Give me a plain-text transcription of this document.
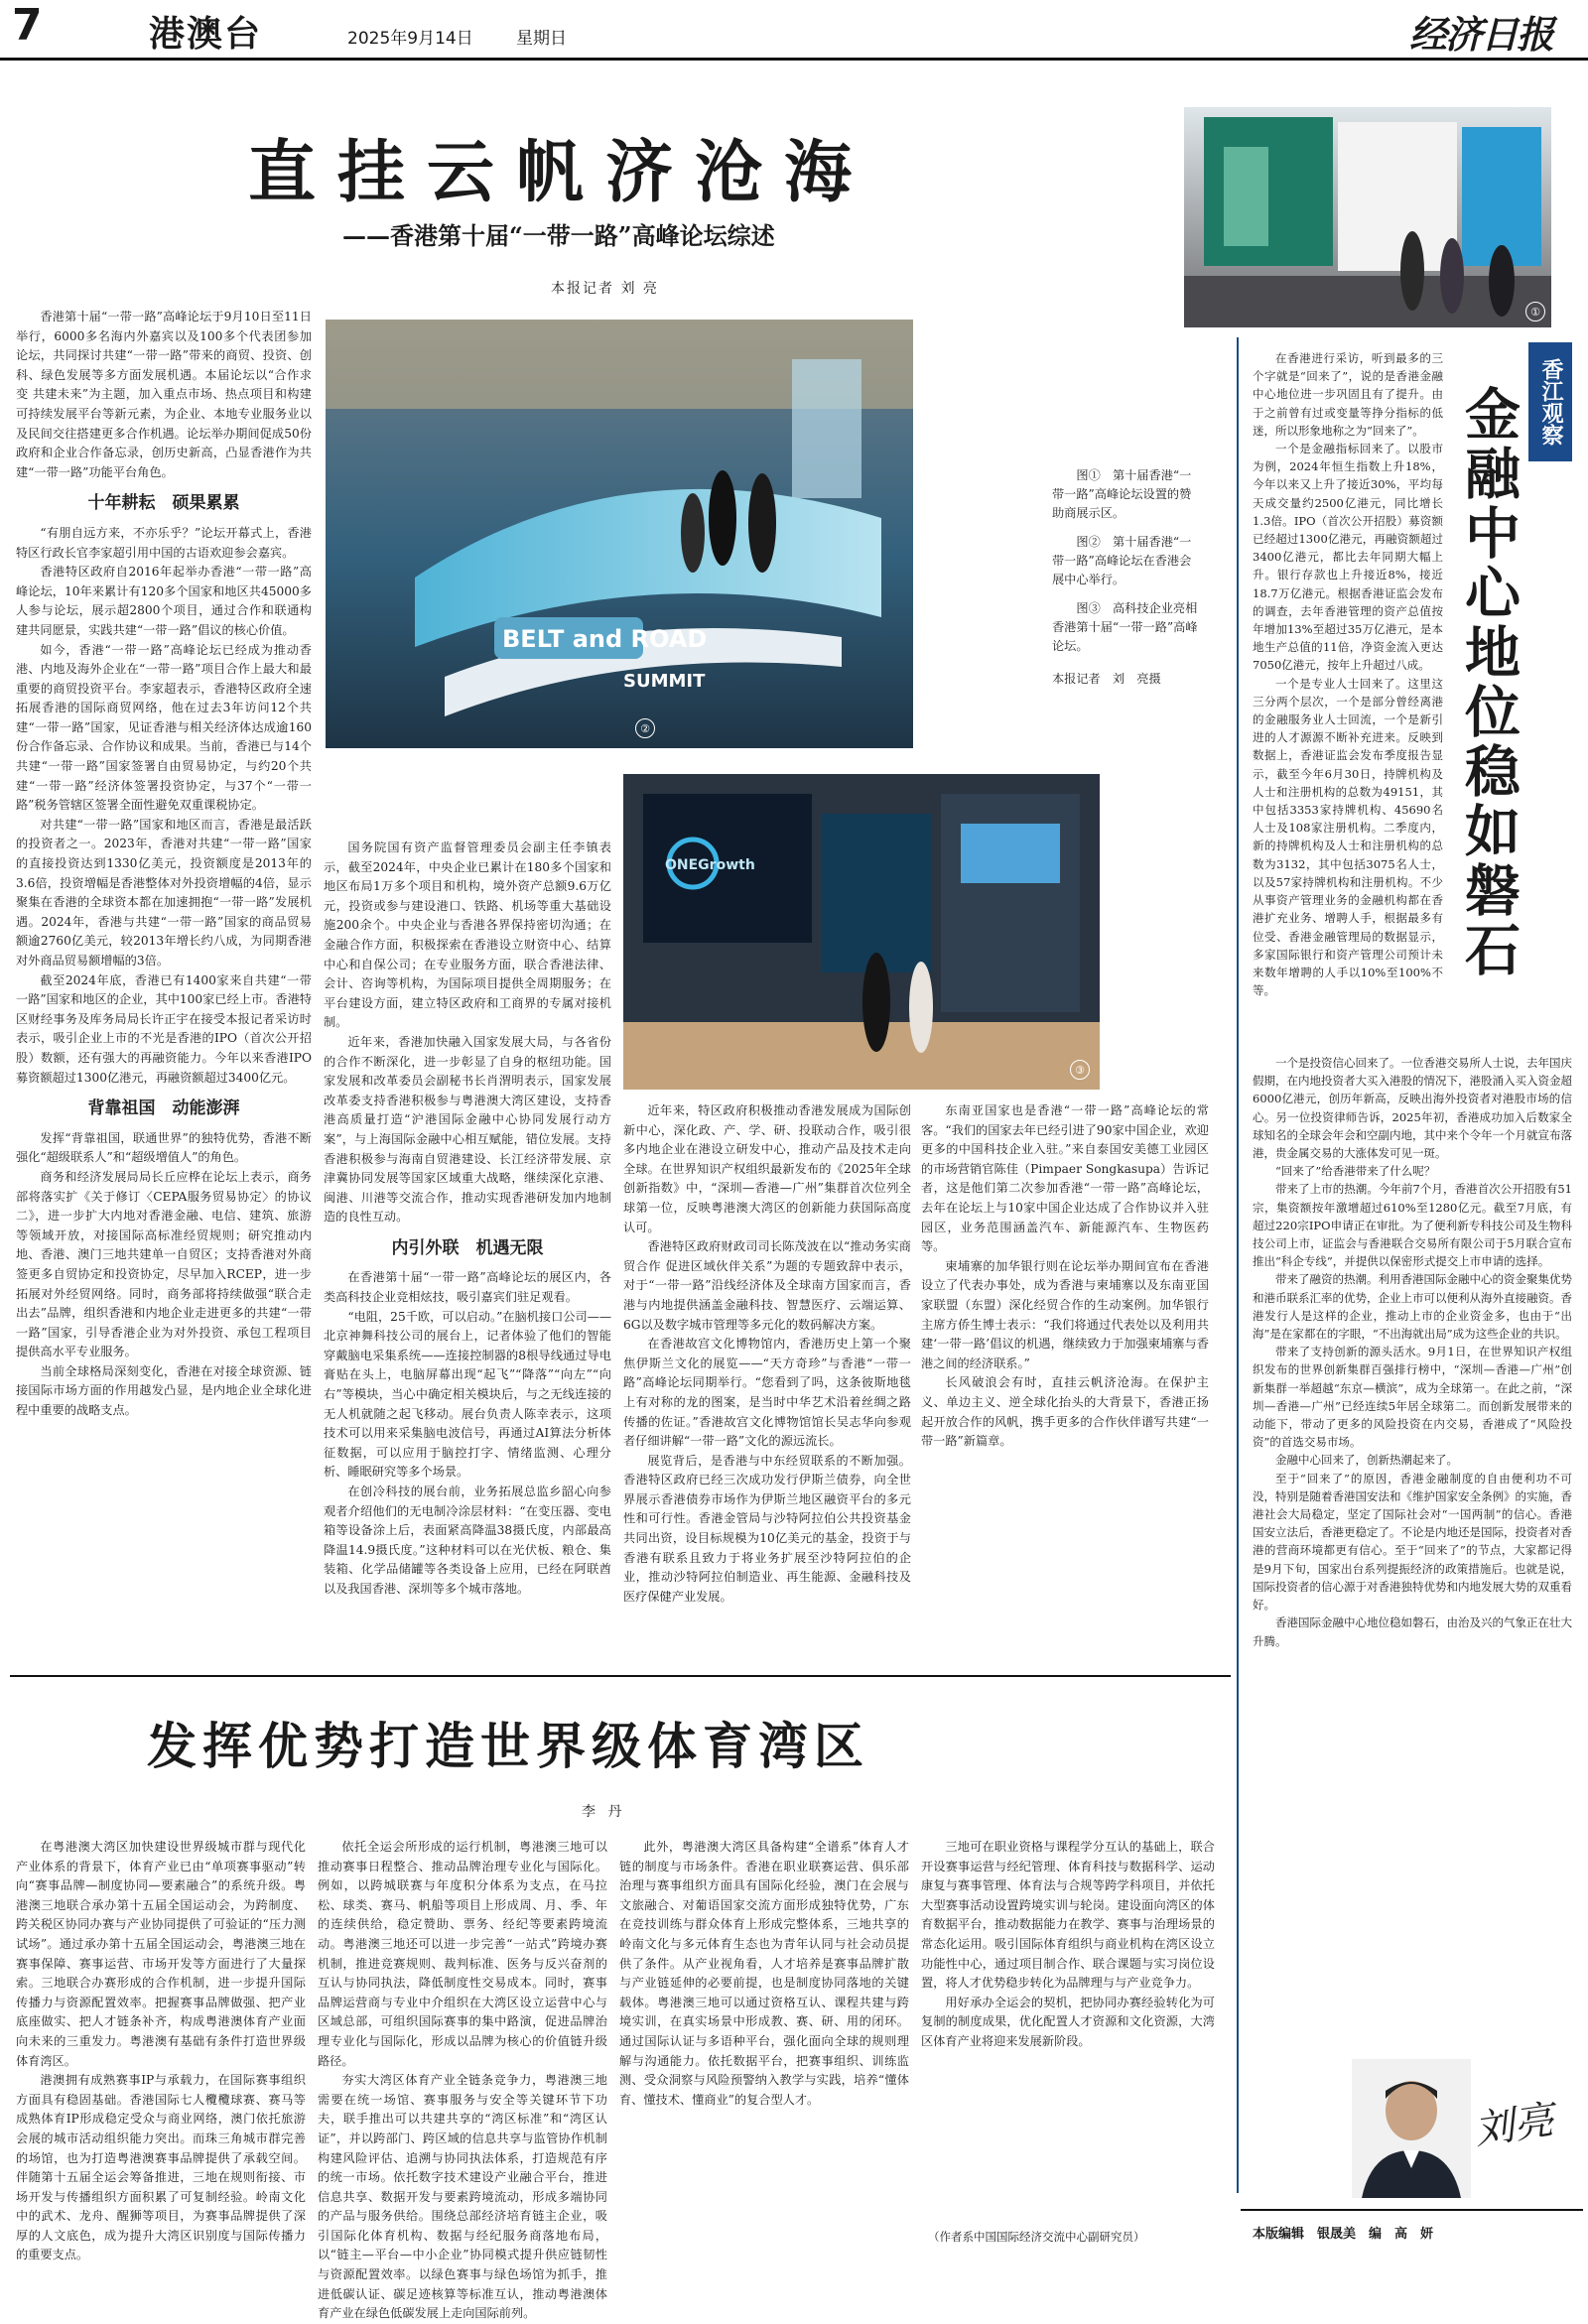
7	港澳台	2025年9月14日	星期日	经济日报
直挂云帆济沧海
——香港第十届“一带一路”高峰论坛综述
本报记者 刘 亮
①
BELT and ROAD
SUMMIT
②
ONEGrowth
③

图①　第十届香港“一带一路”高峰论坛设置的赞助商展示区。

图②　第十届香港“一带一路”高峰论坛在香港会展中心举行。

图③　高科技企业亮相香港第十届“一带一路”高峰论坛。

本报记者　刘　亮摄

香港第十届“一带一路”高峰论坛于9月10日至11日举行，6000多名海内外嘉宾以及100多个代表团参加论坛，共同探讨共建“一带一路”带来的商贸、投资、创科、绿色发展等多方面发展机遇。本届论坛以“合作求变 共建未来”为主题，加入重点市场、热点项目和构建可持续发展平台等新元素，为企业、本地专业服务业以及民间交往搭建更多合作机遇。论坛举办期间促成50份政府和企业合作备忘录，创历史新高，凸显香港作为共建“一带一路”功能平台角色。

十年耕耘　硕果累累

“有朋自远方来，不亦乐乎？”论坛开幕式上，香港特区行政长官李家超引用中国的古语欢迎参会嘉宾。

香港特区政府自2016年起举办香港“一带一路”高峰论坛，10年来累计有120多个国家和地区共45000多人参与论坛，展示超2800个项目，通过合作和联通构建共同愿景，实践共建“一带一路”倡议的核心价值。

如今，香港“一带一路”高峰论坛已经成为推动香港、内地及海外企业在“一带一路”项目合作上最大和最重要的商贸投资平台。李家超表示，香港特区政府全速拓展香港的国际商贸网络，他在过去3年访问12个共建“一带一路”国家，见证香港与相关经济体达成逾160份合作备忘录、合作协议和成果。当前，香港已与14个共建“一带一路”国家签署自由贸易协定，与约20个共建“一带一路”经济体签署投资协定，与37个“一带一路”税务管辖区签署全面性避免双重课税协定。

对共建“一带一路”国家和地区而言，香港是最活跃的投资者之一。2023年，香港对共建“一带一路”国家的直接投资达到1330亿美元，投资额度是2013年的3.6倍，投资增幅是香港整体对外投资增幅的4倍，显示聚集在香港的全球资本都在加速拥抱“一带一路”发展机遇。2024年，香港与共建“一带一路”国家的商品贸易额逾2760亿美元，较2013年增长约八成，为同期香港对外商品贸易额增幅的3倍。

截至2024年底，香港已有1400家来自共建“一带一路”国家和地区的企业，其中100家已经上市。香港特区财经事务及库务局局长许正宇在接受本报记者采访时表示，吸引企业上市的不光是香港的IPO（首次公开招股）数额，还有强大的再融资能力。今年以来香港IPO募资额超过1300亿港元，再融资额超过3400亿元。

背靠祖国　动能澎湃

发挥“背靠祖国，联通世界”的独特优势，香港不断强化“超级联系人”和“超级增值人”的角色。

商务和经济发展局局长丘应桦在论坛上表示，商务部将落实扩《关于修订〈CEPA服务贸易协定〉的协议二》，进一步扩大内地对香港金融、电信、建筑、旅游等领域开放，对接国际高标准经贸规则；研究推动内地、香港、澳门三地共建单一自贸区；支持香港对外商签更多自贸协定和投资协定，尽早加入RCEP，进一步拓展对外经贸网络。同时，商务部将持续做强“联合走出去”品牌，组织香港和内地企业走进更多的共建“一带一路”国家，引导香港企业为对外投资、承包工程项目提供高水平专业服务。

当前全球格局深刻变化，香港在对接全球资源、链接国际市场方面的作用越发凸显，是内地企业全球化进程中重要的战略支点。

国务院国有资产监督管理委员会副主任李镇表示，截至2024年，中央企业已累计在180多个国家和地区布局1万多个项目和机构，境外资产总额9.6万亿元，投资或参与建设港口、铁路、机场等重大基础设施200余个。中央企业与香港各界保持密切沟通；在金融合作方面，积极探索在香港设立财资中心、结算中心和自保公司；在专业服务方面，联合香港法律、会计、咨询等机构，为国际项目提供全周期服务；在平台建设方面，建立特区政府和工商界的专属对接机制。

近年来，香港加快融入国家发展大局，与各省份的合作不断深化，进一步彰显了自身的枢纽功能。国家发展和改革委员会副秘书长肖渭明表示，国家发展改革委支持香港积极参与粤港澳大湾区建设，支持香港高质量打造“沪港国际金融中心协同发展行动方案”，与上海国际金融中心相互赋能，错位发展。支持香港积极参与海南自贸港建设、长江经济带发展、京津冀协同发展等国家区域重大战略，继续深化京港、闽港、川港等交流合作，推动实现香港研发加内地制造的良性互动。

内引外联　机遇无限

在香港第十届“一带一路”高峰论坛的展区内，各类高科技企业竞相炫技，吸引嘉宾们驻足观看。

“电阻，25千欧，可以启动。”在脑机接口公司——北京神舞科技公司的展台上，记者体验了他们的智能穿戴脑电采集系统——连接控制器的8根导线通过导电膏贴在头上，电脑屏幕出现“起飞”“降落”“向左”“向右”等模块，当心中确定相关模块后，与之无线连接的无人机就随之起飞移动。展台负责人陈幸表示，这项技术可以用来采集脑电波信号，再通过AI算法分析体征数据，可以应用于脑控打字、情绪监测、心理分析、睡眠研究等多个场景。

在创冷科技的展台前，业务拓展总监乡韶心向参观者介绍他们的无电制冷涂层材料：“在变压器、变电箱等设备涂上后，表面紧高降温38摄氏度，内部最高降温14.9摄氏度。”这种材料可以在光伏板、粮仓、集装箱、化学品储罐等各类设备上应用，已经在阿联酋以及我国香港、深圳等多个城市落地。

近年来，特区政府积极推动香港发展成为国际创新中心，深化政、产、学、研、投联动合作，吸引很多内地企业在港设立研发中心，推动产品及技术走向全球。在世界知识产权组织最新发布的《2025年全球创新指数》中，“深圳—香港—广州”集群首次位列全球第一位，反映粤港澳大湾区的创新能力获国际高度认可。

香港特区政府财政司司长陈茂波在以“推动务实商贸合作 促进区域伙伴关系”为题的专题致辞中表示，对于“一带一路”沿线经济体及全球南方国家而言，香港与内地提供涵盖金融科技、智慧医疗、云端运算、6G以及数字城市管理等多元化的数码解决方案。

在香港故宫文化博物馆内，香港历史上第一个聚焦伊斯兰文化的展览——“天方奇珍”与香港“一带一路”高峰论坛同期举行。“您看到了吗，这条彼斯地毯上有对称的龙的图案，是当时中华艺术沿着丝绸之路传播的佐证。”香港故宫文化博物馆馆长吴志华向参观者仔细讲解“一带一路”文化的源远流长。

展览背后，是香港与中东经贸联系的不断加强。香港特区政府已经三次成功发行伊斯兰债券，向全世界展示香港债券市场作为伊斯兰地区融资平台的多元性和可行性。香港金管局与沙特阿拉伯公共投资基金共同出资，设目标规模为10亿美元的基金，投资于与香港有联系且致力于将业务扩展至沙特阿拉伯的企业，推动沙特阿拉伯制造业、再生能源、金融科技及医疗保健产业发展。

东南亚国家也是香港“一带一路”高峰论坛的常客。“我们的国家去年已经引进了90家中国企业，欢迎更多的中国科技企业入驻。”来自泰国安美德工业园区的市场营销官陈佳（Pimpaer Songkasupa）告诉记者，这是他们第二次参加香港“一带一路”高峰论坛，去年在论坛上与10家中国企业达成了合作协议并入驻园区，业务范围涵盖汽车、新能源汽车、生物医药等。

柬埔寨的加华银行则在论坛举办期间宣布在香港设立了代表办事处，成为香港与柬埔寨以及东南亚国家联盟（东盟）深化经贸合作的生动案例。加华银行主席方侨生博士表示：“我们将通过代表处以及利用共建‘一带一路’倡议的机遇，继续致力于加强柬埔寨与香港之间的经济联系。”

长风破浪会有时，直挂云帆济沧海。在保护主义、单边主义、逆全球化抬头的大背景下，香港正扬起开放合作的风帆，携手更多的合作伙伴谱写共建“一带一路”新篇章。

香江观察
金融中心地位稳如磐石

在香港进行采访，听到最多的三个字就是“回来了”，说的是香港金融中心地位进一步巩固且有了提升。由于之前曾有过或变量等挣分指标的低迷，所以形象地称之为“回来了”。

一个是金融指标回来了。以股市为例，2024年恒生指数上升18%，今年以来又上升了接近30%，平均每天成交量约2500亿港元，同比增长1.3倍。IPO（首次公开招股）募资额已经超过1300亿港元，再融资额超过3400亿港元，都比去年同期大幅上升。银行存款也上升接近8%，接近18.7万亿港元。根据香港证监会发布的调查，去年香港管理的资产总值按年增加13%至超过35万亿港元，是本地生产总值的11倍，净资金流入更达7050亿港元，按年上升超过八成。

一个是专业人士回来了。这里这三分两个层次，一个是部分曾经离港的金融服务业人士回流，一个是新引进的人才源源不断补充进来。反映到数据上，香港证监会发布季度报告显示，截至今年6月30日，持牌机构及人士和注册机构的总数为49151，其中包括3353家持牌机构、45690名人士及108家注册机构。二季度内，新的持牌机构及人士和注册机构的总数为3132，其中包括3075名人士，以及57家持牌机构和注册机构。不少从事资产管理业务的金融机构都在香港扩充业务、增聘人手，根据最多有位受、香港金融管理局的数据显示，多家国际银行和资产管理公司预计未来数年增聘的人手以10%至100%不等。

一个是投资信心回来了。一位香港交易所人士说，去年国庆假期，在内地投资者大买入港股的情况下，港股涌入买入资金超6000亿港元，创历年新高，反映出海外投资者对港股市场的信心。另一位投资律师告诉，2025年初，香港成功加入后数家全球知名的全球会年会和空副内地，其中来个令年一个月就宣布落港，贵金属交易的大涨体发可见一斑。

“回来了”给香港带来了什么呢？

带来了上市的热潮。今年前7个月，香港首次公开招股有51宗，集资额按年激增超过610%至1280亿元。截至7月底，有超过220宗IPO申请正在审批。为了便利新专科技公司及生物科技公司上市，证监会与香港联合交易所有限公司于5月联合宣布推出“科企专线”，并提供以保密形式提交上市申请的选择。

带来了融资的热潮。利用香港国际金融中心的资金聚集优势和港币联系汇率的优势，企业上市可以便利从海外直接融资。香港发行人是这样的企业，推动上市的企业资金多，也由于“出海”是在家都在的字眼，“不出海就出局”成为这些企业的共识。

带来了支持创新的源头活水。9月1日，在世界知识产权组织发布的世界创新集群百强排行榜中，“深圳—香港—广州”创新集群一举超越“东京—横滨”，成为全球第一。在此之前，“深圳—香港—广州”已经连续5年居全球第二。而创新发展带来的动能下，带动了更多的风险投资在内交易，香港成了“风险投资”的首选交易市场。

金融中心回来了，创新热潮起来了。

至于“回来了”的原因，香港金融制度的自由便利功不可没，特别是随着香港国安法和《维护国家安全条例》的实施，香港社会大局稳定，坚定了国际社会对“一国两制”的信心。香港国安立法后，香港更稳定了。不论是内地还是国际，投资者对香港的营商环境都更有信心。至于“回来了”的节点，大家都记得是9月下旬，国家出台系列提振经济的政策措施后。也就是说，国际投资者的信心源于对香港独特优势和内地发展大势的双重看好。

香港国际金融中心地位稳如磐石，由治及兴的气象正在壮大升腾。

发挥优势打造世界级体育湾区
李 丹

在粤港澳大湾区加快建设世界级城市群与现代化产业体系的背景下，体育产业已由“单项赛事驱动”转向“赛事品牌—制度协同—要素融合”的系统升级。粤港澳三地联合承办第十五届全国运动会，为跨制度、跨关税区协同办赛与产业协同提供了可验证的“压力测试场”。通过承办第十五届全国运动会，粤港澳三地在赛事保障、赛事运营、市场开发等方面进行了大量探索。三地联合办赛形成的合作机制，进一步提升国际传播力与资源配置效率。把握赛事品牌做强、把产业底座做实、把人才链条补齐，构成粤港澳体育产业面向未来的三重发力。粤港澳有基础有条件打造世界级体育湾区。

港澳拥有成熟赛事IP与承载力，在国际赛事组织方面具有稳固基础。香港国际七人欖欖球赛、赛马等成熟体育IP形成稳定受众与商业网络，澳门依托旅游会展的城市活动组织能力突出。而珠三角城市群完善的场馆，也为打造粤港澳赛事品牌提供了承载空间。伴随第十五届全运会筹备推进，三地在规则衔接、市场开发与传播组织方面积累了可复制经验。岭南文化中的武术、龙舟、醒狮等项目，为赛事品牌提供了深厚的人文底色，成为提升大湾区识别度与国际传播力的重要支点。

依托全运会所形成的运行机制，粤港澳三地可以推动赛事日程整合、推动品牌治理专业化与国际化。例如，以跨城联赛与年度积分体系为支点，在马拉松、球类、赛马、帆船等项目上形成周、月、季、年的连续供给，稳定赞助、票务、经纪等要素跨境流动。粤港澳三地还可以进一步完善“一站式”跨境办赛机制，推进竞赛规则、裁判标准、医务与反兴奋剂的互认与协同执法，降低制度性交易成本。同时，赛事品牌运营商与专业中介组织在大湾区设立运营中心与区域总部，可组织国际赛事的集中路演，促进品牌治理专业化与国际化，形成以品牌为核心的价值链升级路径。

夯实大湾区体育产业全链条竞争力，粤港澳三地需要在统一场馆、赛事服务与安全等关键环节下功夫，联手推出可以共建共享的“湾区标准”和“湾区认证”，并以跨部门、跨区域的信息共享与监管协作机制构建风险评估、追溯与协同执法体系，打造规范有序的统一市场。依托数字技术建设产业融合平台，推进信息共享、数据开发与要素跨境流动，形成多端协同的产品与服务供给。围绕总部经济培育链主企业，吸引国际化体育机构、数据与经纪服务商落地布局，以“链主—平台—中小企业”协同模式提升供应链韧性与资源配置效率。以绿色赛事与绿色场馆为抓手，推进低碳认证、碳足迹核算等标准互认，推动粤港澳体育产业在绿色低碳发展上走向国际前列。

此外，粤港澳大湾区具备构建“全谱系”体育人才链的制度与市场条件。香港在职业联赛运营、俱乐部治理与赛事组织方面具有国际化经验，澳门在会展与文旅融合、对葡语国家交流方面形成独特优势，广东在竞技训练与群众体育上形成完整体系，三地共享的岭南文化与多元体育生态也为青年认同与社会动员提供了条件。从产业视角看，人才培养是赛事品牌扩散与产业链延伸的必要前提，也是制度协同落地的关键载体。粤港澳三地可以通过资格互认、课程共建与跨境实训，在真实场景中形成教、赛、研、用的闭环。通过国际认证与多语种平台，强化面向全球的规则理解与沟通能力。依托数据平台，把赛事组织、训练监测、受众洞察与风险预警纳入教学与实践，培养“懂体育、懂技术、懂商业”的复合型人才。

三地可在职业资格与课程学分互认的基础上，联合开设赛事运营与经纪管理、体育科技与数据科学、运动康复与赛事管理、体育法与合规等跨学科项目，并依托大型赛事活动设置跨境实训与轮岗。建设面向湾区的体育数据平台，推动数据能力在教学、赛事与治理场景的常态化运用。吸引国际体育组织与商业机构在湾区设立功能性中心，通过项目制合作、联合课题与实习岗位设置，将人才优势稳步转化为品牌理与与产业竞争力。

用好承办全运会的契机，把协同办赛经验转化为可复制的制度成果，优化配置人才资源和文化资源，大湾区体育产业将迎来发展新阶段。

刘亮
（作者系中国国际经济交流中心副研究员）	本版编辑　银晟美　编　高　妍
